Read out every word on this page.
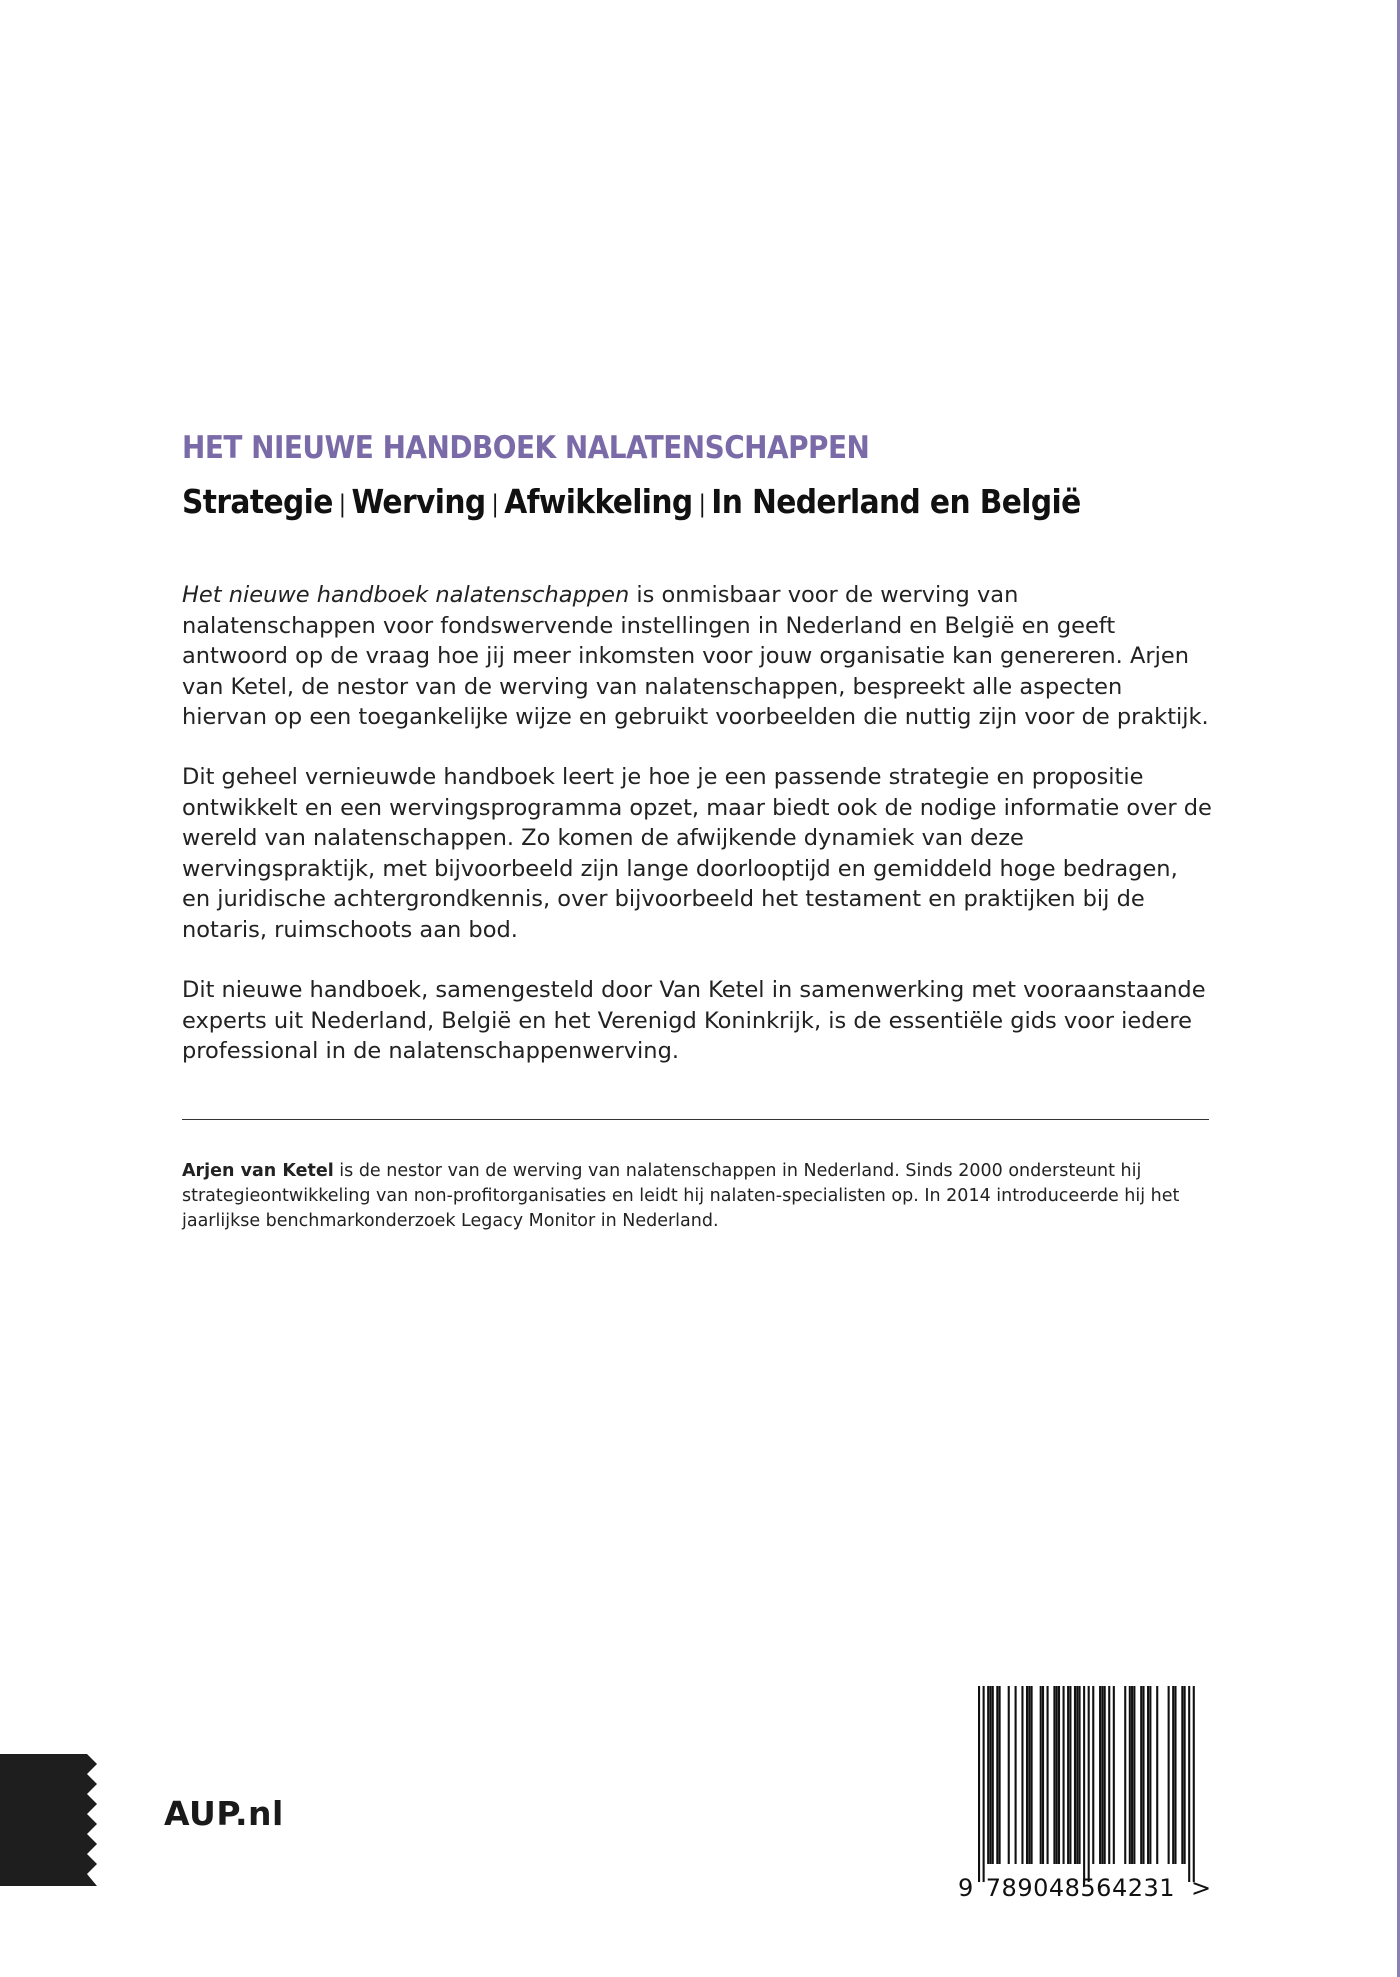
HET NIEUWE HANDBOEK NALATENSCHAPPEN
Strategie | Werving | Afwikkeling | In Nederland en België

Het nieuwe handboek nalatenschappen is onmisbaar voor de werving van nalatenschappen voor fondswervende instellingen in Nederland en België en geeft antwoord op de vraag hoe jij meer inkomsten voor jouw organisatie kan genereren. Arjen van Ketel, de nestor van de werving van nalatenschappen, bespreekt alle aspecten hiervan op een toegankelijke wijze en gebruikt voorbeelden die nuttig zijn voor de praktijk.

Dit geheel vernieuwde handboek leert je hoe je een passende strategie en propositie ontwikkelt en een wervingsprogramma opzet, maar biedt ook de nodige informatie over de wereld van nalatenschappen. Zo komen de afwijkende dynamiek van deze wervingspraktijk, met bijvoorbeeld zijn lange doorlooptijd en gemiddeld hoge bedragen, en juridische achtergrondkennis, over bijvoorbeeld het testament en praktijken bij de notaris, ruimschoots aan bod.

Dit nieuwe handboek, samengesteld door Van Ketel in samenwerking met vooraanstaande experts uit Nederland, België en het Verenigd Koninkrijk, is de essentiële gids voor iedere professional in de nalatenschappenwerving.

Arjen van Ketel is de nestor van de werving van nalatenschappen in Nederland. Sinds 2000 ondersteunt hij strategieontwikkeling van non-profitorganisaties en leidt hij nalaten-specialisten op. In 2014 introduceerde hij het jaarlijkse benchmarkonderzoek Legacy Monitor in Nederland.

AUP.nl
9 789048564231 >
